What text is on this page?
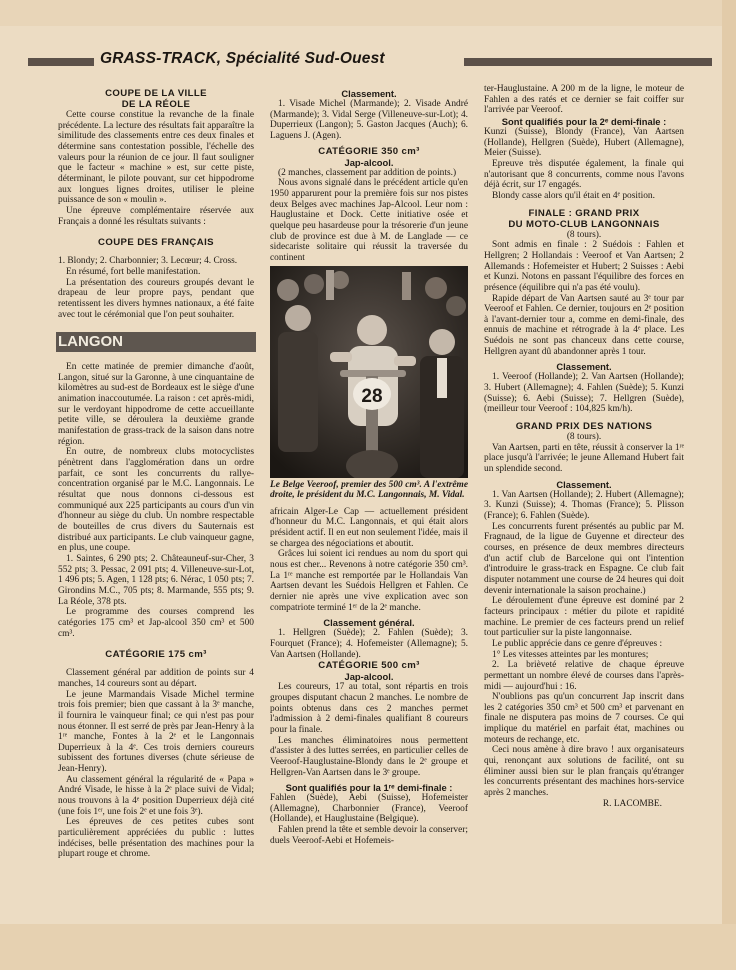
GRASS-TRACK, Spécialité Sud-Ouest
COUPE DE LA VILLE
DE LA RÉOLE

Cette course constitue la revanche de la finale précédente. La lecture des résultats fait apparaître la similitude des classements entre ces deux finales et détermine sans contestation possible, l'échelle des valeurs pour la réunion de ce jour. Il faut souligner que le facteur « machine » est, sur cette piste, déterminant, le pilote pouvant, sur cet hippodrome aux longues lignes droites, utiliser le pleine puissance de son « moulin ».

Une épreuve complémentaire réservée aux Français a donné les résultats suivants :

COUPE DES FRANÇAIS

1. Blondy; 2. Charbonnier; 3. Lecœur; 4. Cross.

En résumé, fort belle manifestation.

La présentation des coureurs groupés devant le drapeau de leur propre pays, pendant que retentissent les divers hymnes nationaux, a été faite avec tout le cérémonial que l'on peut souhaiter.

LANGON

En cette matinée de premier dimanche d'août, Langon, situé sur la Garonne, à une cinquantaine de kilomètres au sud-est de Bordeaux est le siège d'une animation inaccoutumée. La raison : cet après-midi, sur le verdoyant hippodrome de cette accueillante petite ville, se déroulera la deuxième grande manifestation de grass-track de la saison dans notre région.

En outre, de nombreux clubs motocyclistes pénètrent dans l'agglomération dans un ordre parfait, ce sont les concurrents du rallye-concentration organisé par le M.C. Langonnais. Le résultat que nous donnons ci-dessous est communiqué aux 225 participants au cours d'un vin d'honneur au siège du club. Un nombre respectable de bouteilles de crus divers du Sauternais est distribué aux participants. Le club vainqueur gagne, en plus, une coupe.

1. Saintes, 6 290 pts; 2. Châteauneuf-sur-Cher, 3 552 pts; 3. Pessac, 2 091 pts; 4. Villeneuve-sur-Lot, 1 496 pts; 5. Agen, 1 128 pts; 6. Nérac, 1 050 pts; 7. Girondins M.C., 705 pts; 8. Marmande, 555 pts; 9. La Réole, 378 pts.

Le programme des courses comprend les catégories 175 cm³ et Jap-alcool 350 cm³ et 500 cm³.

CATÉGORIE 175 cm³

Classement général par addition de points sur 4 manches, 14 coureurs sont au départ.

Le jeune Marmandais Visade Michel termine trois fois premier; bien que cassant à la 3ᵉ manche, il fournira le vainqueur final; ce qui n'est pas pour nous étonner. Il est serré de près par Jean-Henry à la 1ʳᵉ manche, Fontes à la 2ᵉ et le Langonnais Duperrieux à la 4ᵉ. Ces trois derniers coureurs subissent des fortunes diverses (chute sérieuse de Jean-Henry).

Au classement général la régularité de « Papa » André Visade, le hisse à la 2ᵉ place suivi de Vidal; nous trouvons à la 4ᵉ position Duperrieux déjà cité (une fois 1ᵉʳ, une fois 2ᵉ et une fois 3ᵉ).

Les épreuves de ces petites cubes sont particulièrement appréciées du public : luttes indécises, belle présentation des machines pour la plupart rouge et chrome.

Classement.

1. Visade Michel (Marmande); 2. Visade André (Marmande); 3. Vidal Serge (Villeneuve-sur-Lot); 4. Duperrieux (Langon); 5. Gaston Jacques (Auch); 6. Laguens J. (Agen).

CATÉGORIE 350 cm³
Jap-alcool.

(2 manches, classement par addition de points.)

Nous avons signalé dans le précédent article qu'en 1950 apparurent pour la première fois sur nos pistes deux Belges avec machines Jap-Alcool. Leur nom : Hauglustaine et Dock. Cette initiative osée et quelque peu hasardeuse pour la trésorerie d'un jeune club de province est due à M. de Langlade — ce sidecariste solitaire qui réussit la traversée du continent

28
Le Belge Veeroof, premier des 500 cm³. A l'extrême droite, le président du M.C. Langonnais, M. Vidal.

africain Alger-Le Cap — actuellement président d'honneur du M.C. Langonnais, et qui était alors président actif. Il en eut non seulement l'idée, mais il se chargea des négociations et aboutit.

Grâces lui soient ici rendues au nom du sport qui nous est cher... Revenons à notre catégorie 350 cm³. La 1ʳᵉ manche est remportée par le Hollandais Van Aartsen devant les Suédois Hellgren et Fahlen. Ce dernier nie après une vive explication avec son compatriote terminé 1ᵉʳ de la 2ᵉ manche.

Classement général.

1. Hellgren (Suède); 2. Fahlen (Suède); 3. Fourquet (France); 4. Hofemeister (Allemagne); 5. Van Aartsen (Hollande).

CATÉGORIE 500 cm³
Jap-alcool.

Les coureurs, 17 au total, sont répartis en trois groupes disputant chacun 2 manches. Le nombre de points obtenus dans ces 2 manches permet l'admission à 2 demi-finales qualifiant 8 coureurs pour la finale.

Les manches éliminatoires nous permettent d'assister à des luttes serrées, en particulier celles de Veeroof-Hauglustaine-Blondy dans le 2ᵉ groupe et Hellgren-Van Aartsen dans le 3ᵉ groupe.

Sont qualifiés pour la 1ʳᵉ demi-finale :

Fahlen (Suède), Aebi (Suisse), Hofemeister (Allemagne), Charbonnier (France), Veeroof (Hollande), et Hauglustaine (Belgique).

Fahlen prend la tête et semble devoir la conserver; duels Veeroof-Aebi et Hofemeis-

ter-Hauglustaine. A 200 m de la ligne, le moteur de Fahlen a des ratés et ce dernier se fait coiffer sur l'arrivée par Veeroof.

Sont qualifiés pour la 2ᵉ demi-finale :

Kunzi (Suisse), Blondy (France), Van Aartsen (Hollande), Hellgren (Suède), Hubert (Allemagne), Meier (Suisse).

Epreuve très disputée également, la finale qui n'autorisant que 8 concurrents, comme nous l'avons déjà écrit, sur 17 engagés.

Blondy casse alors qu'il était en 4ᵉ position.

FINALE : GRAND PRIX
DU MOTO-CLUB LANGONNAIS

(8 tours).

Sont admis en finale : 2 Suédois : Fahlen et Hellgren; 2 Hollandais : Veeroof et Van Aartsen; 2 Allemands : Hofemeister et Hubert; 2 Suisses : Aebi et Kunzi. Notons en passant l'équilibre des forces en présence (équilibre qui n'a pas été voulu).

Rapide départ de Van Aartsen sauté au 3ᵉ tour par Veeroof et Fahlen. Ce dernier, toujours en 2ᵉ position à l'avant-dernier tour a, comme en demi-finale, des ennuis de machine et rétrograde à la 4ᵉ place. Les Suédois ne sont pas chanceux dans cette course, Hellgren ayant dû abandonner après 1 tour.

Classement.

1. Veeroof (Hollande); 2. Van Aartsen (Hollande); 3. Hubert (Allemagne); 4. Fahlen (Suède); 5. Kunzi (Suisse); 6. Aebi (Suisse); 7. Hellgren (Suède), (meilleur tour Veeroof : 104,825 km/h).

GRAND PRIX DES NATIONS

(8 tours).

Van Aartsen, parti en tête, réussit à conserver la 1ʳᵉ place jusqu'à l'arrivée; le jeune Allemand Hubert fait un splendide second.

Classement.

1. Van Aartsen (Hollande); 2. Hubert (Allemagne); 3. Kunzi (Suisse); 4. Thomas (France); 5. Plisson (France); 6. Fahlen (Suède).

Les concurrents furent présentés au public par M. Fragnaud, de la ligue de Guyenne et directeur des courses, en présence de deux membres directeurs d'un actif club de Barcelone qui ont l'intention d'introduire le grass-track en Espagne. Ce club fait disputer notamment une course de 24 heures qui doit devenir internationale la saison prochaine.)

Le déroulement d'une épreuve est dominé par 2 facteurs principaux : métier du pilote et rapidité machine. Le premier de ces facteurs prend un relief tout particulier sur la piste langonnaise.

Le public apprécie dans ce genre d'épreuves :

1° Les vitesses atteintes par les montures;

2. La brièveté relative de chaque épreuve permettant un nombre élevé de courses dans l'après-midi — aujourd'hui : 16.

N'oublions pas qu'un concurrent Jap inscrit dans les 2 catégories 350 cm³ et 500 cm³ et parvenant en finale ne disputera pas moins de 7 courses. Ce qui implique du matériel en parfait état, machines ou moteurs de rechange, etc.

Ceci nous amène à dire bravo ! aux organisateurs qui, renonçant aux solutions de facilité, ont su éliminer aussi bien sur le plan français qu'étranger les concurrents présentant des machines hors-service après 2 manches.

R. LACOMBE.
